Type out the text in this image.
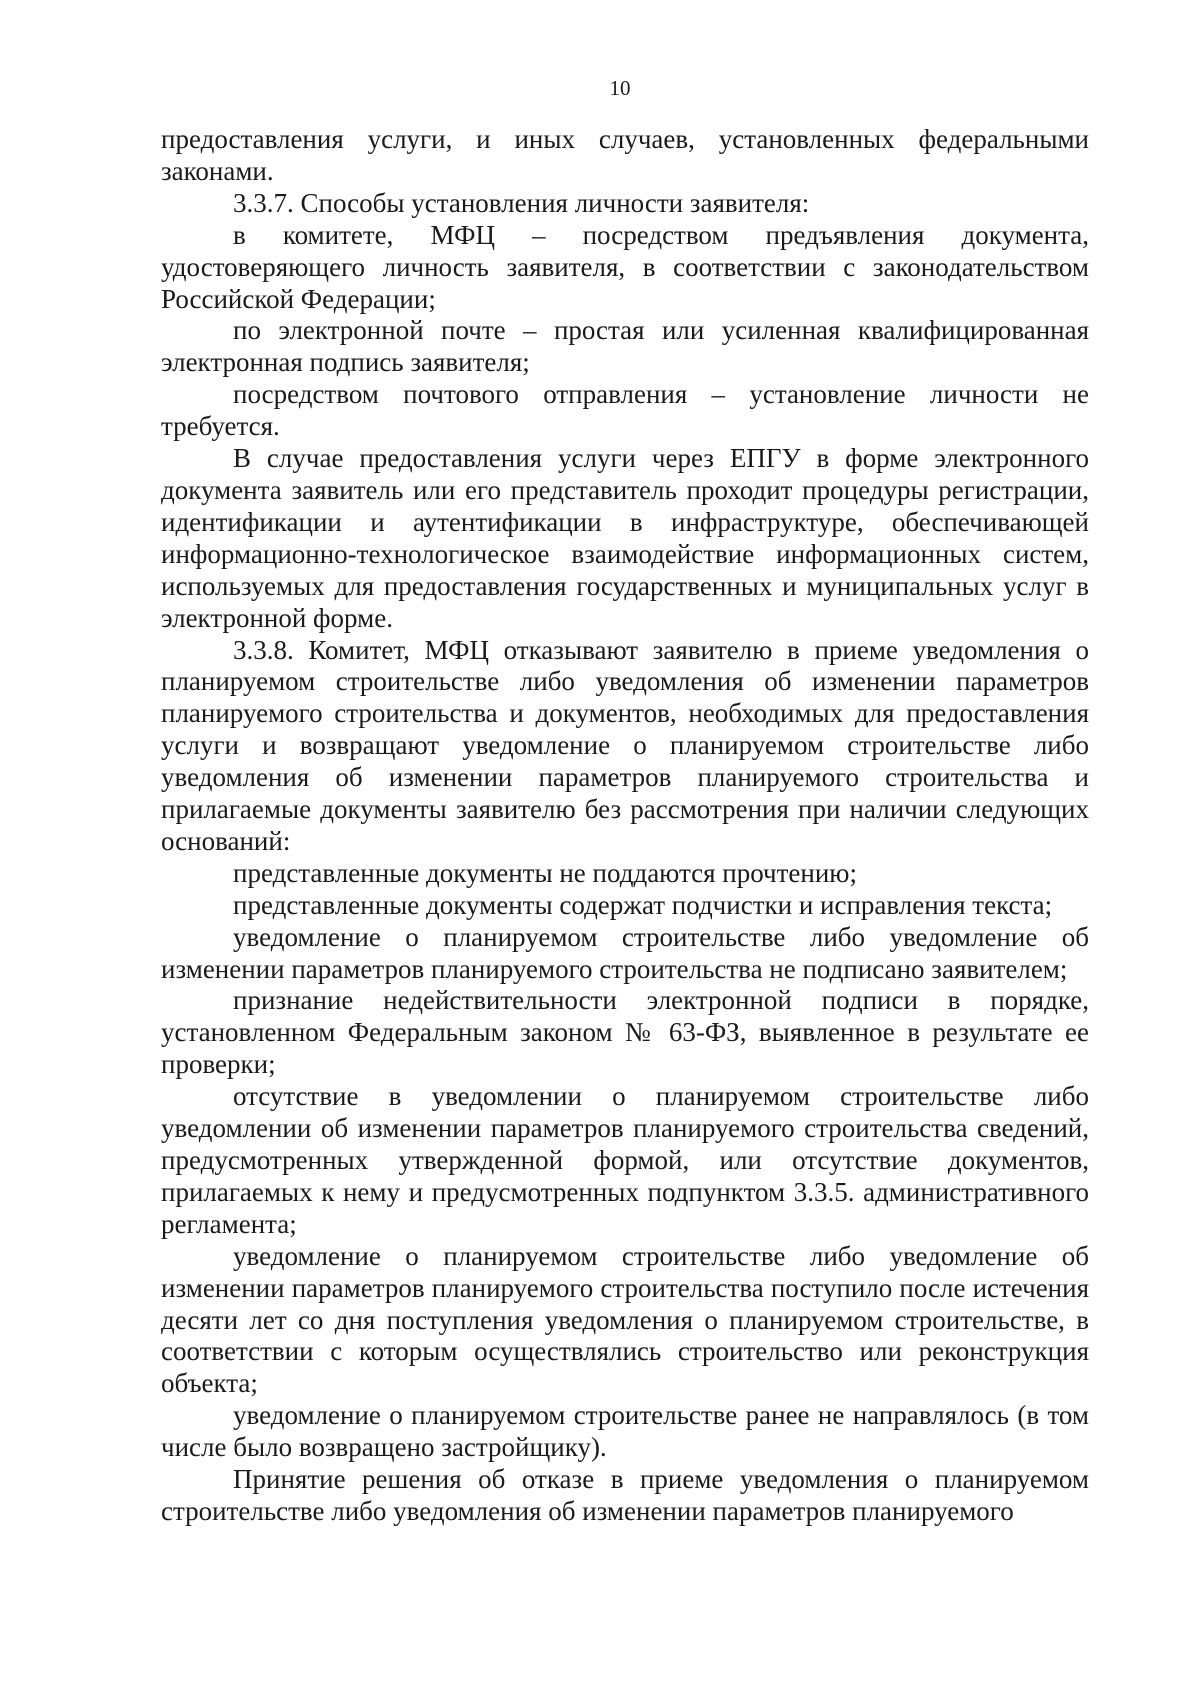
10

предоставления услуги, и иных случаев, установленных федеральными законами.

3.3.7. Способы установления личности заявителя:

в комитете, МФЦ – посредством предъявления документа, удостоверяющего личность заявителя, в соответствии с законодательством Российской Федерации;

по электронной почте – простая или усиленная квалифицированная электронная подпись заявителя;

посредством почтового отправления – установление личности не требуется.

В случае предоставления услуги через ЕПГУ в форме электронного документа заявитель или его представитель проходит процедуры регистрации, идентификации и аутентификации в инфраструктуре, обеспечивающей информационно-технологическое взаимодействие информационных систем, используемых для предоставления государственных и муниципальных услуг в электронной форме.

3.3.8. Комитет, МФЦ отказывают заявителю в приеме уведомления о планируемом строительстве либо уведомления об изменении параметров планируемого строительства и документов, необходимых для предоставления услуги и возвращают уведомление о планируемом строительстве либо уведомления об изменении параметров планируемого строительства и прилагаемые документы заявителю без рассмотрения при наличии следующих оснований:

представленные документы не поддаются прочтению;

представленные документы содержат подчистки и исправления текста;

уведомление о планируемом строительстве либо уведомление об изменении параметров планируемого строительства не подписано заявителем;

признание недействительности электронной подписи в порядке, установленном Федеральным законом № 63-ФЗ, выявленное в результате ее проверки;

отсутствие в уведомлении о планируемом строительстве либо уведомлении об изменении параметров планируемого строительства сведений, предусмотренных утвержденной формой, или отсутствие документов, прилагаемых к нему и предусмотренных подпунктом 3.3.5. административного регламента;

уведомление о планируемом строительстве либо уведомление об изменении параметров планируемого строительства поступило после истечения десяти лет со дня поступления уведомления о планируемом строительстве, в соответствии с которым осуществлялись строительство или реконструкция объекта;

уведомление о планируемом строительстве ранее не направлялось (в том числе было возвращено застройщику).

Принятие решения об отказе в приеме уведомления о планируемом строительстве либо уведомления об изменении параметров планируемого
